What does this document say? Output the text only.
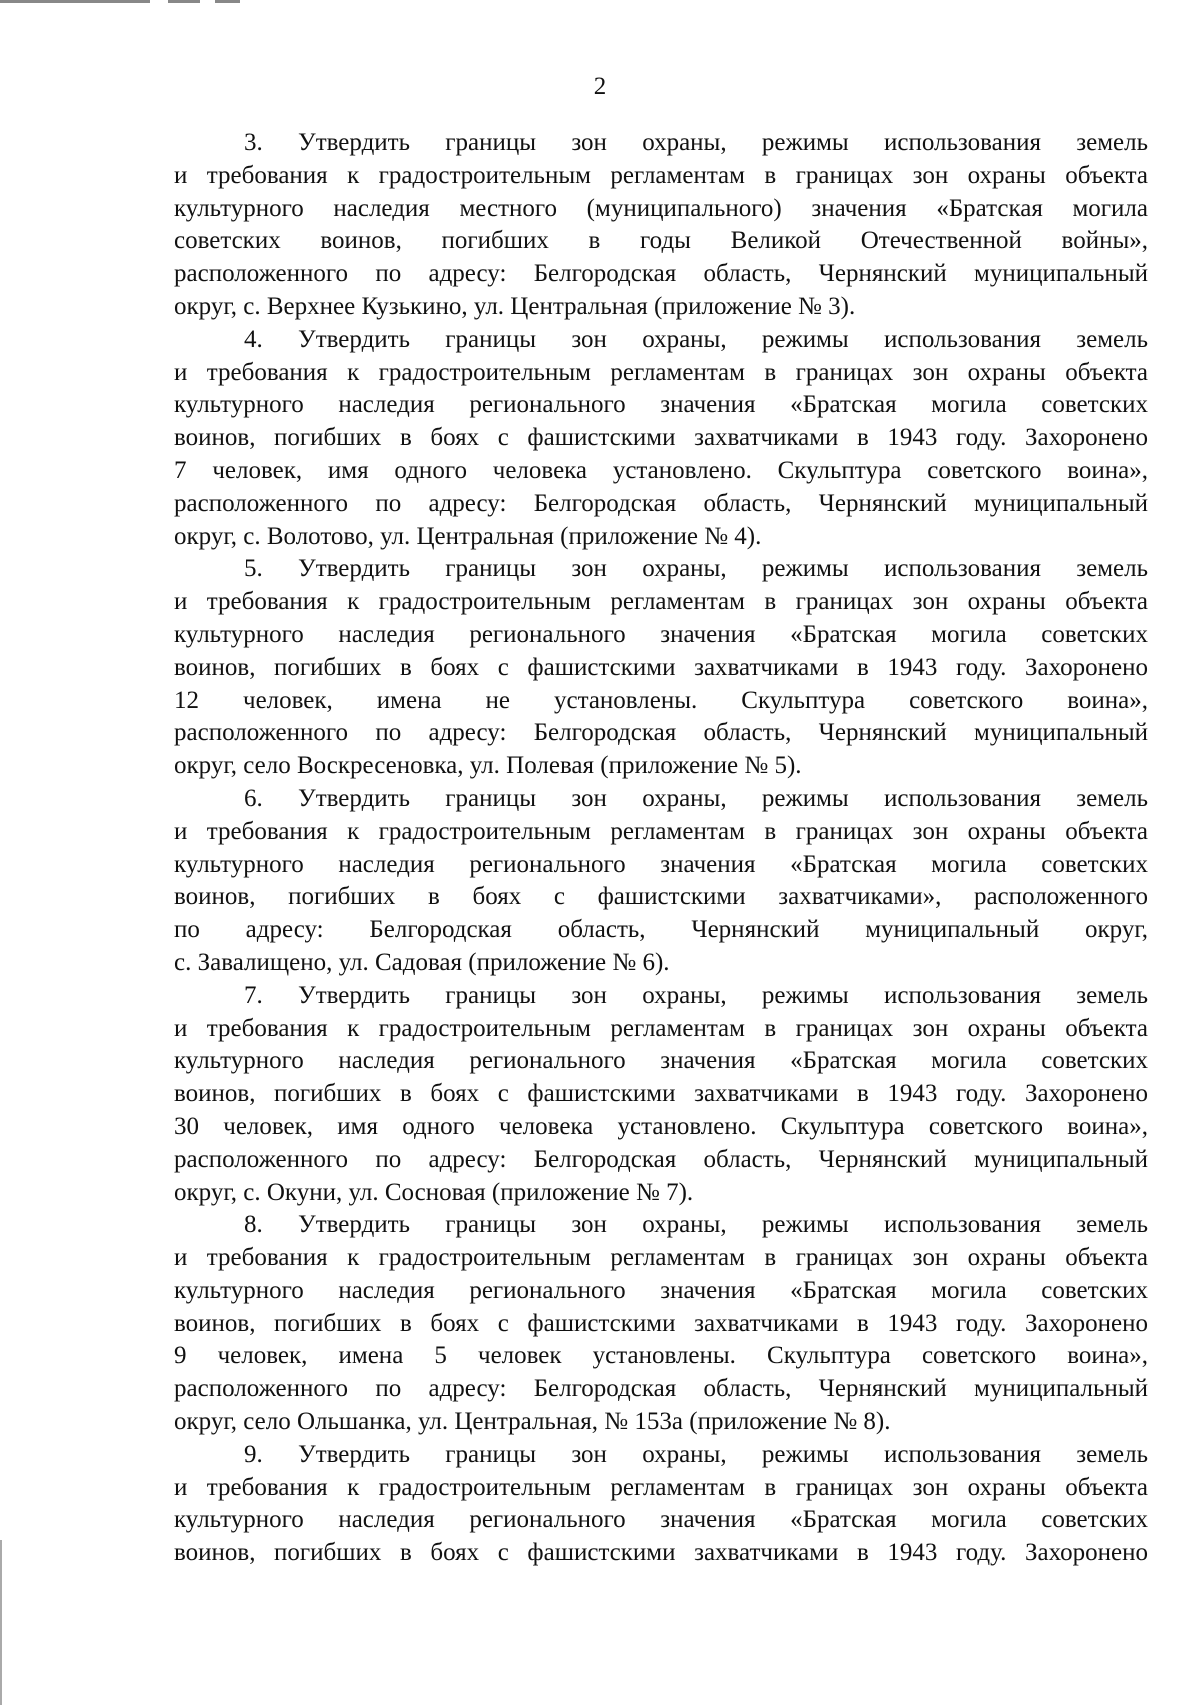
2
3. Утвердить границы зон охраны, режимы использования земель
и требования к градостроительным регламентам в границах зон охраны объекта
культурного наследия местного (муниципального) значения «Братская могила
советских воинов, погибших в годы Великой Отечественной войны»,
расположенного по адресу: Белгородская область, Чернянский муниципальный
округ, с. Верхнее Кузькино, ул. Центральная (приложение № 3).
4. Утвердить границы зон охраны, режимы использования земель
и требования к градостроительным регламентам в границах зон охраны объекта
культурного наследия регионального значения «Братская могила советских
воинов, погибших в боях с фашистскими захватчиками в 1943 году. Захоронено
7 человек, имя одного человека установлено. Скульптура советского воина»,
расположенного по адресу: Белгородская область, Чернянский муниципальный
округ, с. Волотово, ул. Центральная (приложение № 4).
5. Утвердить границы зон охраны, режимы использования земель
и требования к градостроительным регламентам в границах зон охраны объекта
культурного наследия регионального значения «Братская могила советских
воинов, погибших в боях с фашистскими захватчиками в 1943 году. Захоронено
12 человек, имена не установлены. Скульптура советского воина»,
расположенного по адресу: Белгородская область, Чернянский муниципальный
округ, село Воскресеновка, ул. Полевая (приложение № 5).
6. Утвердить границы зон охраны, режимы использования земель
и требования к градостроительным регламентам в границах зон охраны объекта
культурного наследия регионального значения «Братская могила советских
воинов, погибших в боях с фашистскими захватчиками», расположенного
по адресу: Белгородская область, Чернянский муниципальный округ,
с. Завалищено, ул. Садовая (приложение № 6).
7. Утвердить границы зон охраны, режимы использования земель
и требования к градостроительным регламентам в границах зон охраны объекта
культурного наследия регионального значения «Братская могила советских
воинов, погибших в боях с фашистскими захватчиками в 1943 году. Захоронено
30 человек, имя одного человека установлено. Скульптура советского воина»,
расположенного по адресу: Белгородская область, Чернянский муниципальный
округ, с. Окуни, ул. Сосновая (приложение № 7).
8. Утвердить границы зон охраны, режимы использования земель
и требования к градостроительным регламентам в границах зон охраны объекта
культурного наследия регионального значения «Братская могила советских
воинов, погибших в боях с фашистскими захватчиками в 1943 году. Захоронено
9 человек, имена 5 человек установлены. Скульптура советского воина»,
расположенного по адресу: Белгородская область, Чернянский муниципальный
округ, село Ольшанка, ул. Центральная, № 153а (приложение № 8).
9. Утвердить границы зон охраны, режимы использования земель
и требования к градостроительным регламентам в границах зон охраны объекта
культурного наследия регионального значения «Братская могила советских
воинов, погибших в боях с фашистскими захватчиками в 1943 году. Захоронено
